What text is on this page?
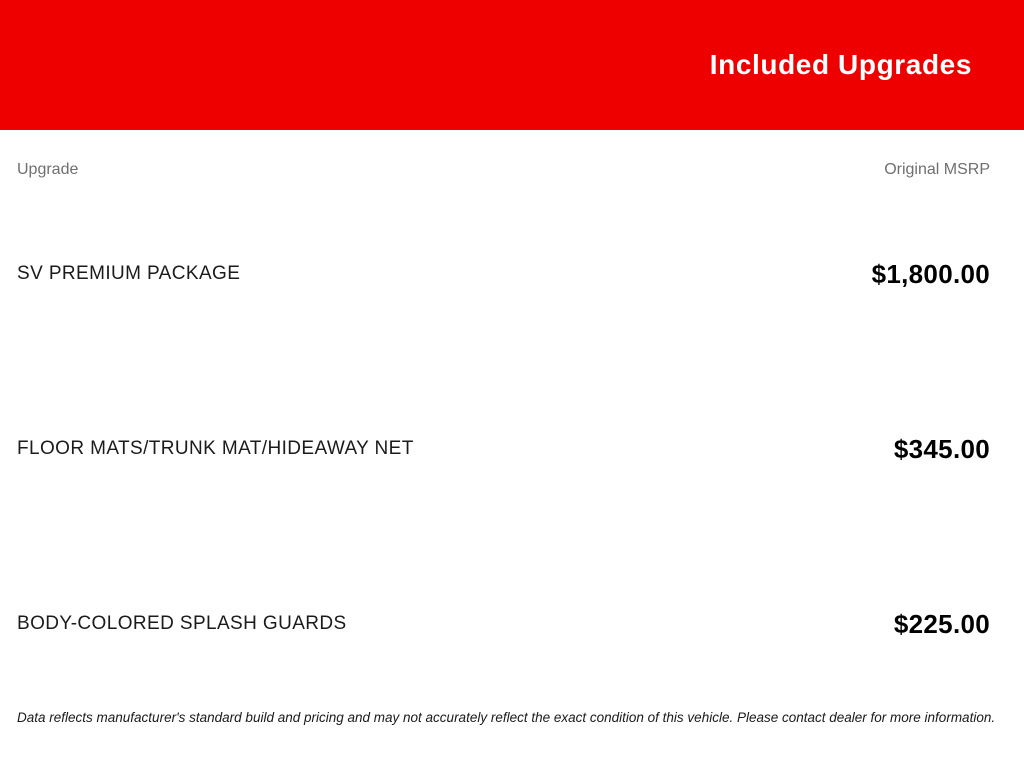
Included Upgrades
Upgrade	Original MSRP
SV PREMIUM PACKAGE	$1,800.00
FLOOR MATS/TRUNK MAT/HIDEAWAY NET	$345.00
BODY-COLORED SPLASH GUARDS	$225.00
Data reflects manufacturer's standard build and pricing and may not accurately reflect the exact condition of this vehicle. Please contact dealer for more information.
